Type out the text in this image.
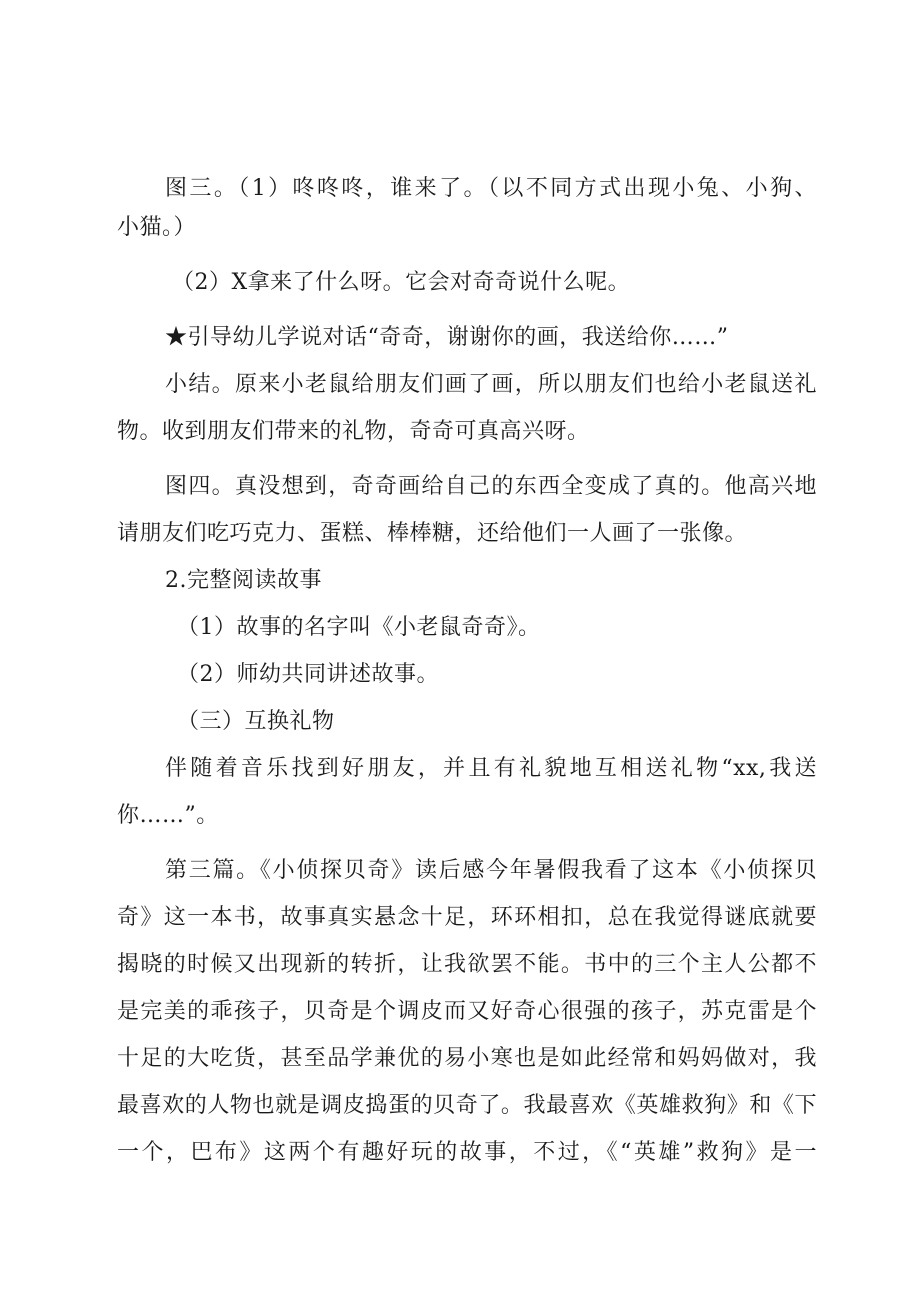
图三。（1）咚咚咚，谁来了。（以不同方式出现小兔、小狗、
小猫。）
（2）X拿来了什么呀。它会对奇奇说什么呢。
★引导幼儿学说对话“奇奇，谢谢你的画，我送给你……”
小结。原来小老鼠给朋友们画了画，所以朋友们也给小老鼠送礼
物。收到朋友们带来的礼物，奇奇可真高兴呀。
图四。真没想到，奇奇画给自己的东西全变成了真的。他高兴地
请朋友们吃巧克力、蛋糕、棒棒糖，还给他们一人画了一张像。
2.完整阅读故事
（1）故事的名字叫《小老鼠奇奇》。
（2）师幼共同讲述故事。
（三）互换礼物
伴随着音乐找到好朋友，并且有礼貌地互相送礼物“xx,我送
你……”。
第三篇。《小侦探贝奇》读后感今年暑假我看了这本《小侦探贝
奇》这一本书，故事真实悬念十足，环环相扣，总在我觉得谜底就要
揭晓的时候又出现新的转折，让我欲罢不能。书中的三个主人公都不
是完美的乖孩子，贝奇是个调皮而又好奇心很强的孩子，苏克雷是个
十足的大吃货，甚至品学兼优的易小寒也是如此经常和妈妈做对，我
最喜欢的人物也就是调皮捣蛋的贝奇了。我最喜欢《英雄救狗》和《下
一个，巴布》这两个有趣好玩的故事，不过，《“英雄”救狗》是一
